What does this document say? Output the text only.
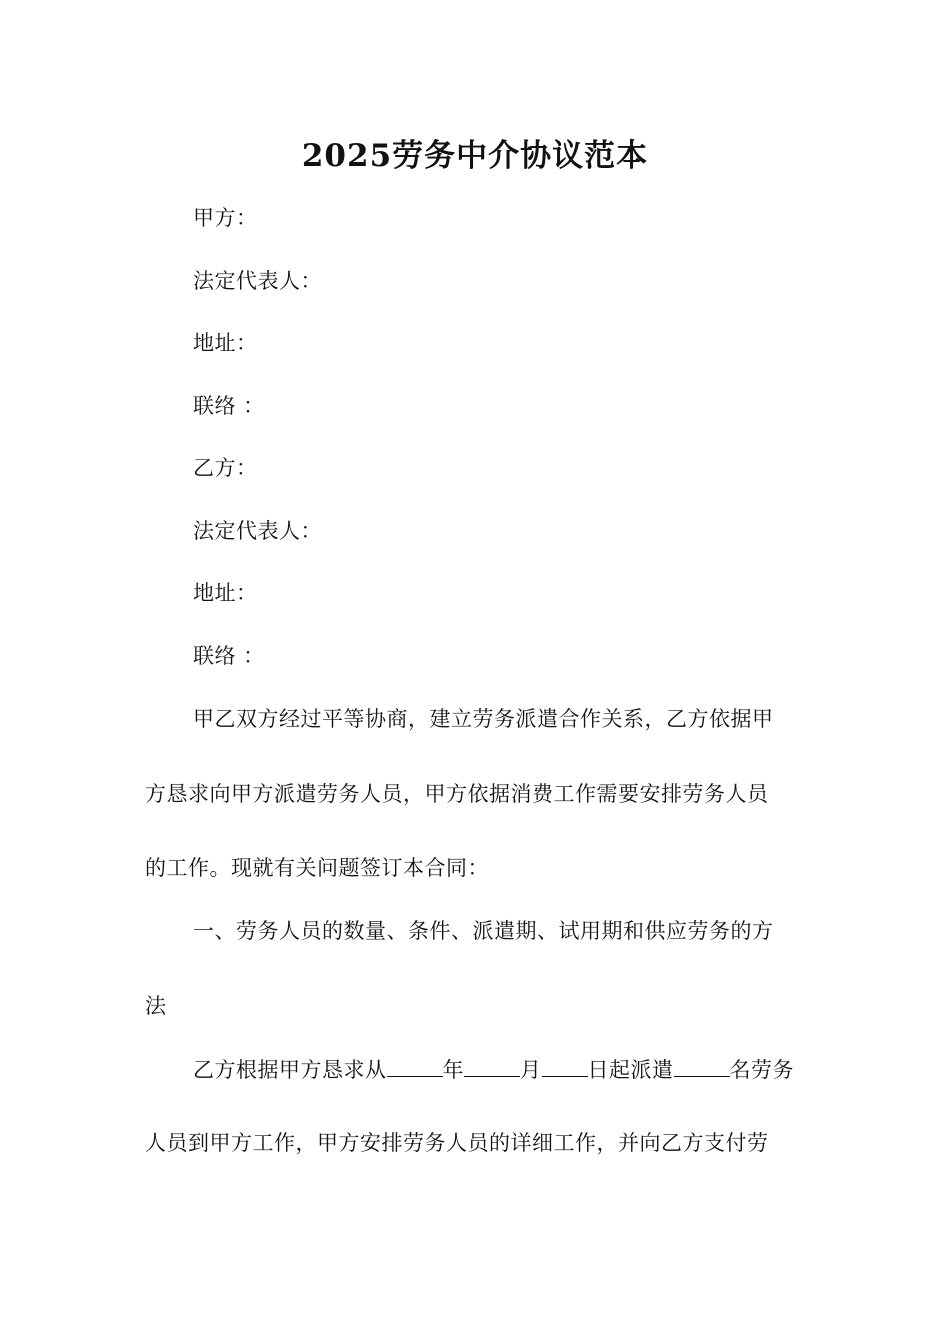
2025劳务中介协议范本
甲方：
法定代表人：
地址：
联络 ：
乙方：
法定代表人：
地址：
联络 ：
甲乙双方经过平等协商，建立劳务派遣合作关系，乙方依据甲
方恳求向甲方派遣劳务人员，甲方依据消费工作需要安排劳务人员
的工作。现就有关问题签订本合同：
一、劳务人员的数量、条件、派遣期、试用期和供应劳务的方
法
乙方根据甲方恳求从	年	月 日起派遣	名劳务
人员到甲方工作，甲方安排劳务人员的详细工作，并向乙方支付劳
